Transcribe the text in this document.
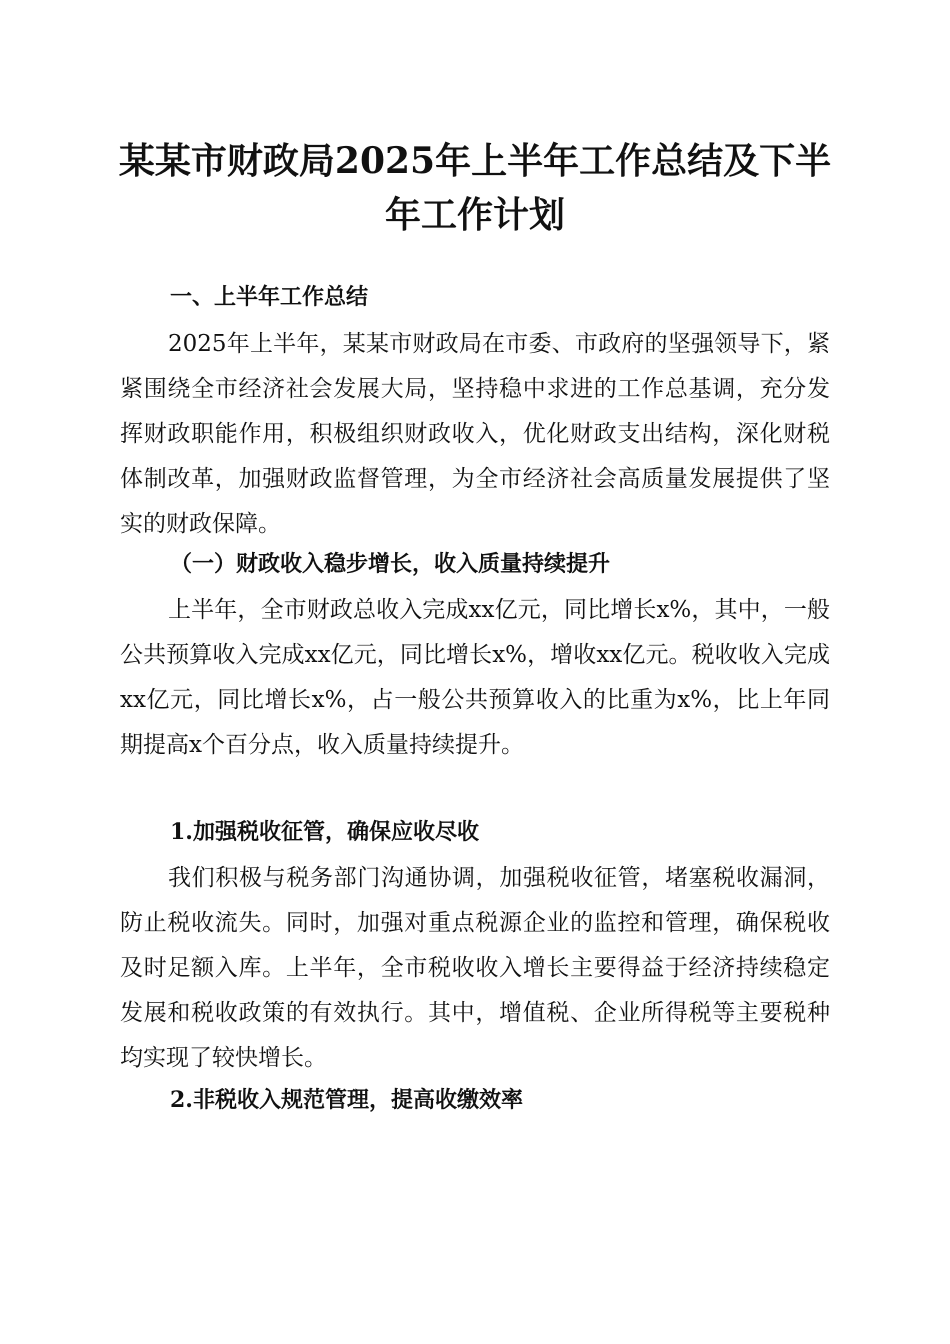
某某市财政局2025年上半年工作总结及下半
年工作计划
一、上半年工作总结

2025年上半年，某某市财政局在市委、市政府的坚强领导下，紧紧围绕全市经济社会发展大局，坚持稳中求进的工作总基调，充分发挥财政职能作用，积极组织财政收入，优化财政支出结构，深化财税体制改革，加强财政监督管理，为全市经济社会高质量发展提供了坚实的财政保障。

（一）财政收入稳步增长，收入质量持续提升

上半年，全市财政总收入完成xx亿元，同比增长x%，其中，一般公共预算收入完成xx亿元，同比增长x%，增收xx亿元。税收收入完成xx亿元，同比增长x%，占一般公共预算收入的比重为x%，比上年同期提高x个百分点，收入质量持续提升。

1.加强税收征管，确保应收尽收

我们积极与税务部门沟通协调，加强税收征管，堵塞税收漏洞，防止税收流失。同时，加强对重点税源企业的监控和管理，确保税收及时足额入库。上半年，全市税收收入增长主要得益于经济持续稳定发展和税收政策的有效执行。其中，增值税、企业所得税等主要税种均实现了较快增长。

2.非税收入规范管理，提高收缴效率
